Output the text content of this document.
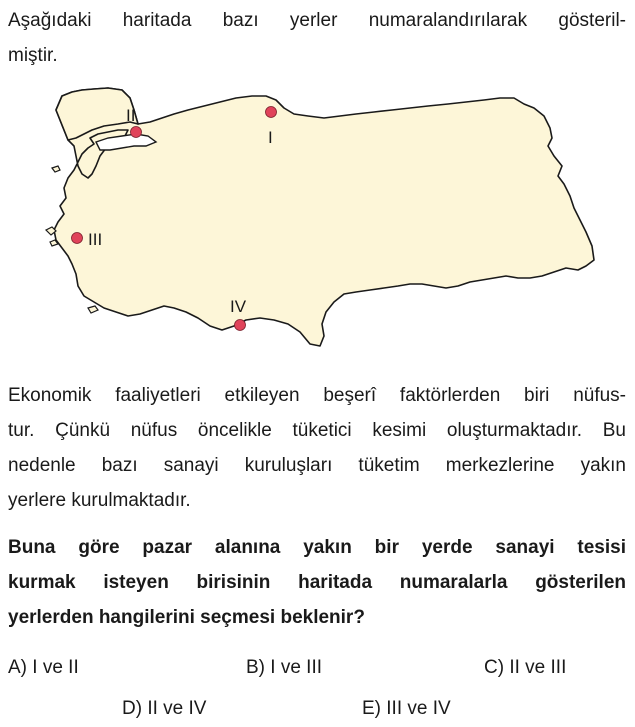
Aşağıdaki haritada bazı yerler numaralandırılarak gösteril-
miştir.
I
II
III
IV
Ekonomik faaliyetleri etkileyen beşerî faktörlerden biri nüfus-
tur. Çünkü nüfus öncelikle tüketici kesimi oluşturmaktadır. Bu
nedenle bazı sanayi kuruluşları tüketim merkezlerine yakın
yerlere kurulmaktadır.
Buna göre pazar alanına yakın bir yerde sanayi tesisi
kurmak isteyen birisinin haritada numaralarla gösterilen
yerlerden hangilerini seçmesi beklenir?
A) I ve II	B) I ve III	C) II ve III
D) II ve IV	E) III ve IV
